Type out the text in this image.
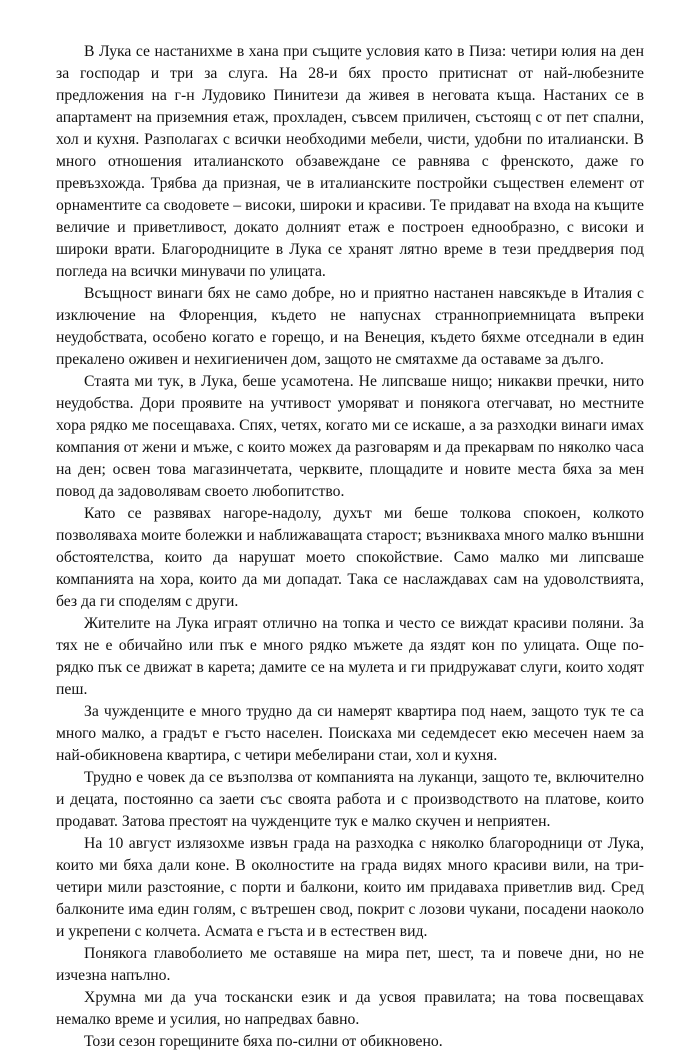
В Лука се настанихме в хана при същите условия като в Пиза: четири юлия на ден за господар и три за слуга. На 28-и бях просто притиснат от най-любезните предложения на г-н Лудовико Пинитези да живея в неговата къща. Настаних се в апартамент на приземния етаж, прохладен, съвсем приличен, състоящ с от пет спални, хол и кухня. Разполагах с всички необходими мебели, чисти, удобни по италиански. В много отношения италианското обзавеждане се равнява с френското, даже го превъзхожда. Трябва да призная, че в италианските постройки съществен елемент от орнаментите са сводовете – високи, широки и красиви. Те придават на входа на къщите величие и приветливост, докато долният етаж е построен еднообразно, с високи и широки врати. Благородниците в Лука се хранят лятно време в тези преддверия под погледа на всички минувачи по улицата.

Всъщност винаги бях не само добре, но и приятно настанен навсякъде в Италия с изключение на Флоренция, където не напуснах страннoприемницата въпреки неудобствата, особено когато е горещо, и на Венеция, където бяхме отседнали в един прекалено оживен и нехигиеничен дом, защото не смятахме да оставаме за дълго.

Стаята ми тук, в Лука, беше усамотена. Не липсваше нищо; никакви пречки, нито неудобства. Дори проявите на учтивост уморяват и понякога отегчават, но местните хора рядко ме посещаваха. Спях, четях, когато ми се искаше, а за разходки винаги имах компания от жени и мъже, с които можех да разговарям и да прекарвам по няколко часа на ден; освен това магазинчетата, черквите, площадите и новите места бяха за мен повод да задоволявам своето любопитство.

Като се развявах нагоре-надолу, духът ми беше толкова спокоен, колкото позволяваха моите болежки и наближаващата старост; възникваха много малко външни обстоятелства, които да нарушат моето спокойствие. Само малко ми липсваше компанията на хора, които да ми допадат. Така се наслаждавах сам на удоволствията, без да ги споделям с други.

Жителите на Лука играят отлично на топка и често се виждат красиви поляни. За тях не е обичайно или пък е много рядко мъжете да яздят кон по улицата. Още по-рядко пък се движат в карета; дамите се на мулета и ги придружават слуги, които ходят пеш.

За чужденците е много трудно да си намерят квартира под наем, защото тук те са много малко, а градът е гъсто населен. Поискаха ми седемдесет екю месечен наем за най-обикновена квартира, с четири мебелирани стаи, хол и кухня.

Трудно е човек да се възползва от компанията на луканци, защото те, включително и децата, постоянно са заети със своята работа и с производството на платове, които продават. Затова престоят на чужденците тук е малко скучен и неприятен.

На 10 август излязохме извън града на разходка с няколко благородници от Лука, които ми бяха дали коне. В околностите на града видях много красиви вили, на три-четири мили разстояние, с порти и балкони, които им придаваха приветлив вид. Сред балконите има един голям, с вътрешен свод, покрит с лозови чукани, посадени наоколо и укрепени с колчета. Асмата е гъста и в естествен вид.

Понякога главоболието ме оставяше на мира пет, шест, та и повече дни, но не изчезна напълно.

Хрумна ми да уча тоскански език и да усвоя правилата; на това посвещавах немалко време и усилия, но напредвах бавно.

Този сезон горещините бяха по-силни от обикновено.
